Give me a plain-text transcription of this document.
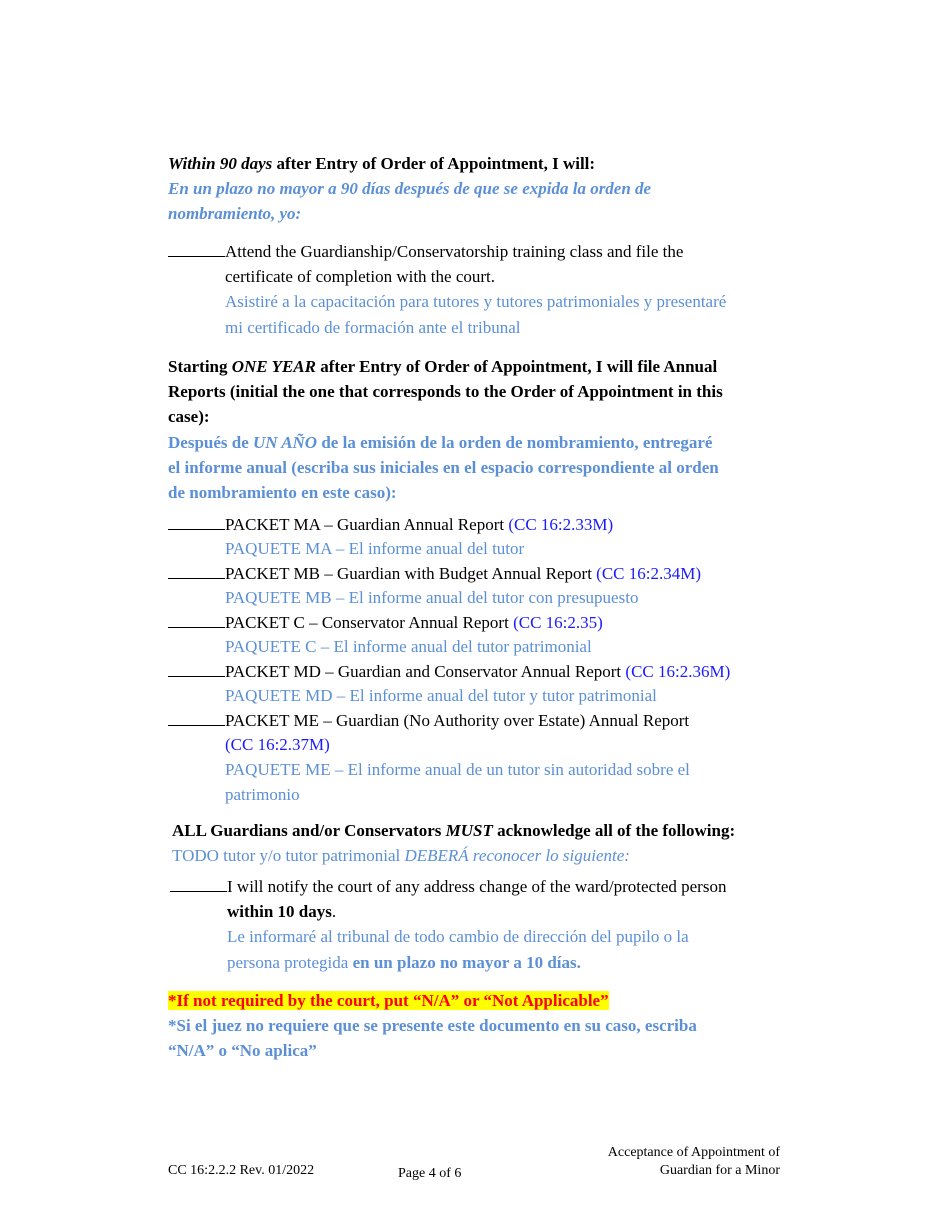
Within 90 days after Entry of Order of Appointment, I will:
En un plazo no mayor a 90 días después de que se expida la orden de
nombramiento, yo:
Attend the Guardianship/Conservatorship training class and file the
certificate of completion with the court.
Asistiré a la capacitación para tutores y tutores patrimoniales y presentaré
mi certificado de formación ante el tribunal
Starting ONE YEAR after Entry of Order of Appointment, I will file Annual
Reports (initial the one that corresponds to the Order of Appointment in this
case):
Después de UN AÑO de la emisión de la orden de nombramiento, entregaré
el informe anual (escriba sus iniciales en el espacio correspondiente al orden
de nombramiento en este caso):
PACKET MA – Guardian Annual Report (CC 16:2.33M)
PAQUETE MA – El informe anual del tutor
PACKET MB – Guardian with Budget Annual Report (CC 16:2.34M)
PAQUETE MB – El informe anual del tutor con presupuesto
PACKET C – Conservator Annual Report (CC 16:2.35)
PAQUETE C – El informe anual del tutor patrimonial
PACKET MD – Guardian and Conservator Annual Report (CC 16:2.36M)
PAQUETE MD – El informe anual del tutor y tutor patrimonial
PACKET ME – Guardian (No Authority over Estate) Annual Report
(CC 16:2.37M)
PAQUETE ME – El informe anual de un tutor sin autoridad sobre el
patrimonio
ALL Guardians and/or Conservators MUST acknowledge all of the following:
TODO tutor y/o tutor patrimonial DEBERÁ reconocer lo siguiente:
I will notify the court of any address change of the ward/protected person
within 10 days.
Le informaré al tribunal de todo cambio de dirección del pupilo o la
persona protegida en un plazo no mayor a 10 días.
*If not required by the court, put “N/A” or “Not Applicable”
*Si el juez no requiere que se presente este documento en su caso, escriba
“N/A” o “No aplica”
CC 16:2.2.2 Rev. 01/2022	Page 4 of 6
Acceptance of Appointment of
Guardian for a Minor
